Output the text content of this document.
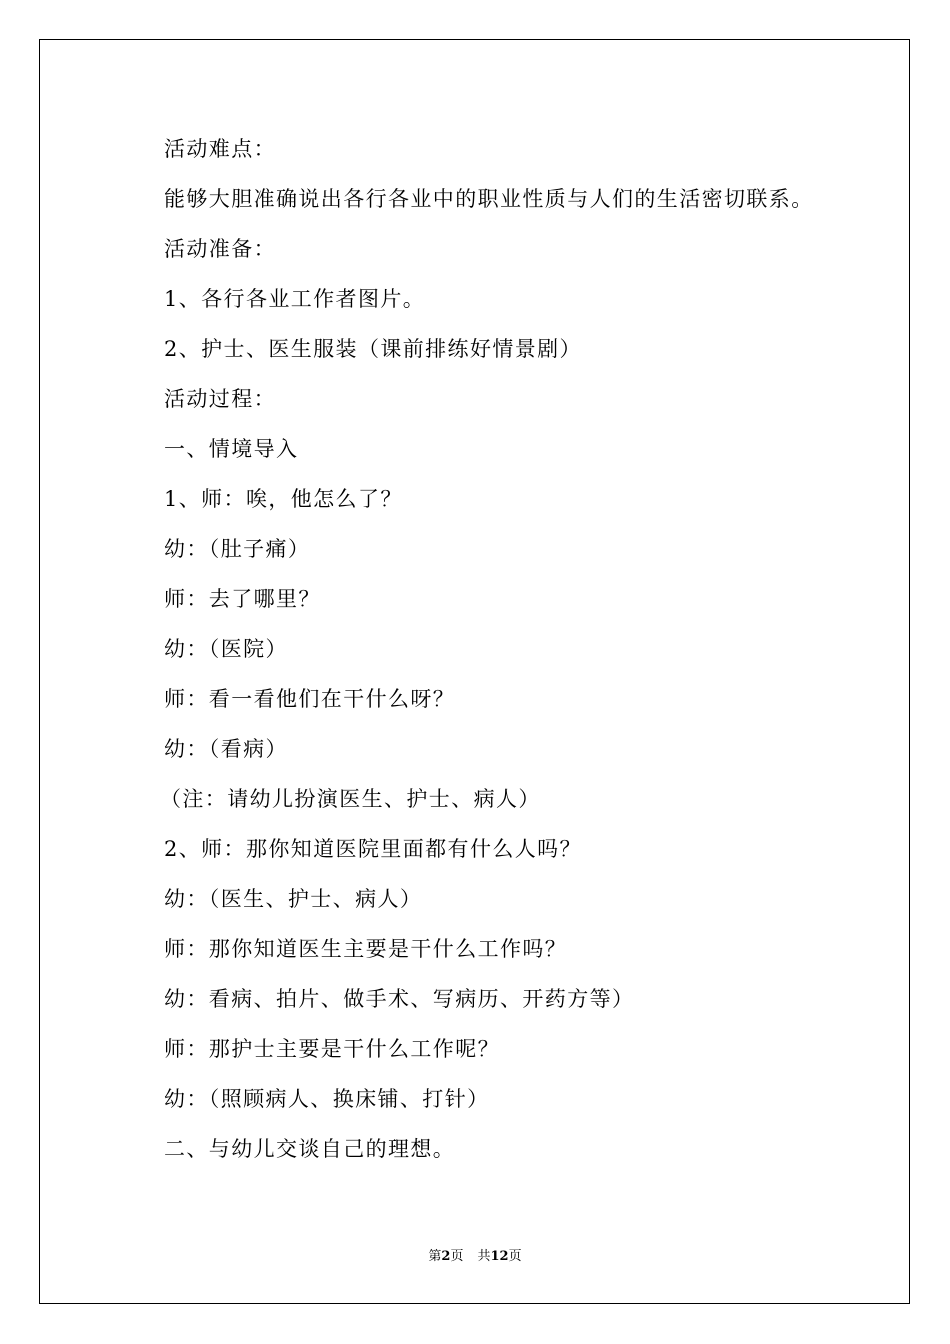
活动难点：
能够大胆准确说出各行各业中的职业性质与人们的生活密切联系。
活动准备：
1、各行各业工作者图片。
2、护士、医生服装（课前排练好情景剧）
活动过程：
一、情境导入
1、师：唉，他怎么了？
幼：（肚子痛）
师：去了哪里？
幼：（医院）
师：看一看他们在干什么呀？
幼：（看病）
（注：请幼儿扮演医生、护士、病人）
2、师：那你知道医院里面都有什么人吗？
幼：（医生、护士、病人）
师：那你知道医生主要是干什么工作吗？
幼：看病、拍片、做手术、写病历、开药方等）
师：那护士主要是干什么工作呢？
幼：（照顾病人、换床铺、打针）
二、与幼儿交谈自己的理想。
第2页 共12页
